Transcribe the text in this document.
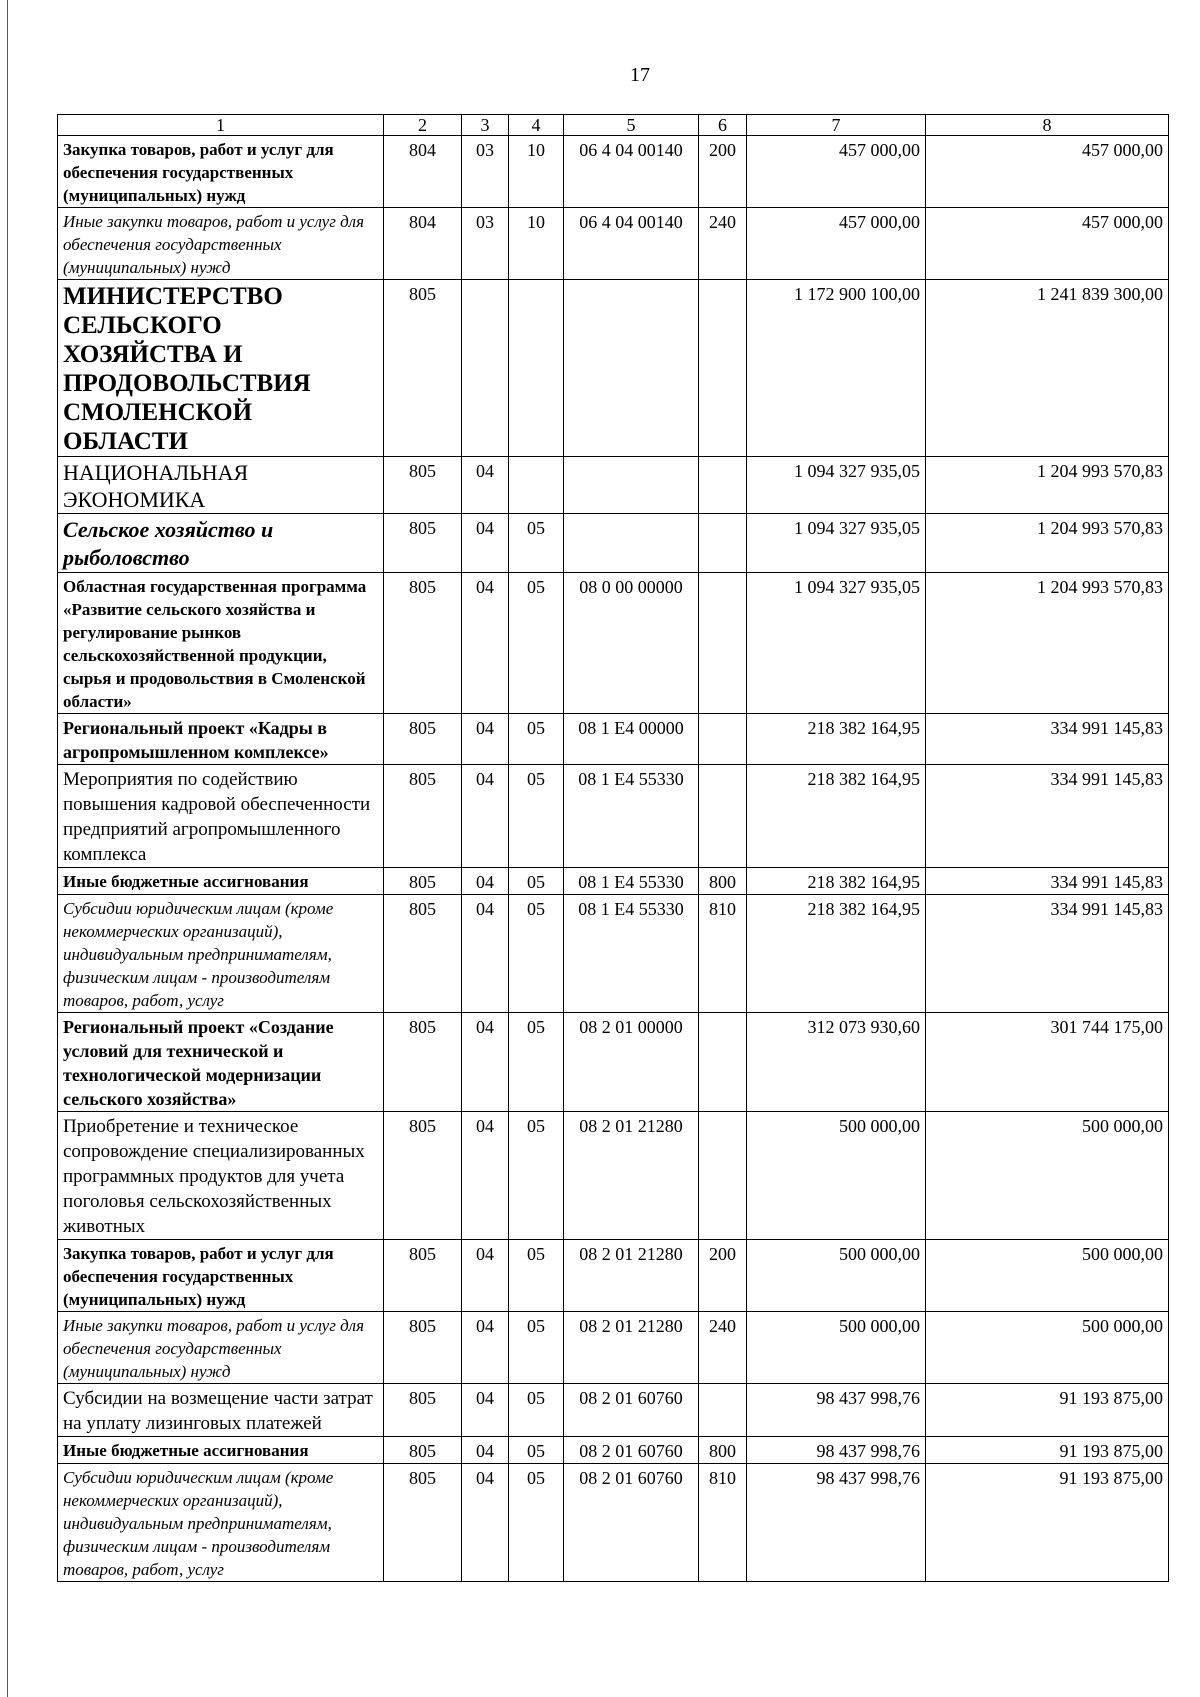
17
1	2	3	4	5	6	7	8
Закупка товаров, работ и услуг для обеспечения государственных (муниципальных) нужд	804	03	10	06 4 04 00140	200	457 000,00	457 000,00
Иные закупки товаров, работ и услуг для обеспечения государственных (муниципальных) нужд	804	03	10	06 4 04 00140	240	457 000,00	457 000,00
МИНИСТЕРСТВО СЕЛЬСКОГО ХОЗЯЙСТВА И ПРОДОВОЛЬСТВИЯ СМОЛЕНСКОЙ ОБЛАСТИ	805					1 172 900 100,00	1 241 839 300,00
НАЦИОНАЛЬНАЯ ЭКОНОМИКА	805	04				1 094 327 935,05	1 204 993 570,83
Сельское хозяйство и рыболовство	805	04	05			1 094 327 935,05	1 204 993 570,83
Областная государственная программа «Развитие сельского хозяйства и регулирование рынков сельскохозяйственной продукции, сырья и продовольствия в Смоленской области»	805	04	05	08 0 00 00000		1 094 327 935,05	1 204 993 570,83
Региональный проект «Кадры в агропромышленном комплексе»	805	04	05	08 1 Е4 00000		218 382 164,95	334 991 145,83
Мероприятия по содействию повышения кадровой обеспеченности предприятий агропромышленного комплекса	805	04	05	08 1 Е4 55330		218 382 164,95	334 991 145,83
Иные бюджетные ассигнования	805	04	05	08 1 Е4 55330	800	218 382 164,95	334 991 145,83
Субсидии юридическим лицам (кроме некоммерческих организаций), индивидуальным предпринимателям, физическим лицам - производителям товаров, работ, услуг	805	04	05	08 1 Е4 55330	810	218 382 164,95	334 991 145,83
Региональный проект «Создание условий для технической и технологической модернизации сельского хозяйства»	805	04	05	08 2 01 00000		312 073 930,60	301 744 175,00
Приобретение и техническое сопровождение специализированных программных продуктов для учета поголовья сельскохозяйственных животных	805	04	05	08 2 01 21280		500 000,00	500 000,00
Закупка товаров, работ и услуг для обеспечения государственных (муниципальных) нужд	805	04	05	08 2 01 21280	200	500 000,00	500 000,00
Иные закупки товаров, работ и услуг для обеспечения государственных (муниципальных) нужд	805	04	05	08 2 01 21280	240	500 000,00	500 000,00
Субсидии на возмещение части затрат на уплату лизинговых платежей	805	04	05	08 2 01 60760		98 437 998,76	91 193 875,00
Иные бюджетные ассигнования	805	04	05	08 2 01 60760	800	98 437 998,76	91 193 875,00
Субсидии юридическим лицам (кроме некоммерческих организаций), индивидуальным предпринимателям, физическим лицам - производителям товаров, работ, услуг	805	04	05	08 2 01 60760	810	98 437 998,76	91 193 875,00
